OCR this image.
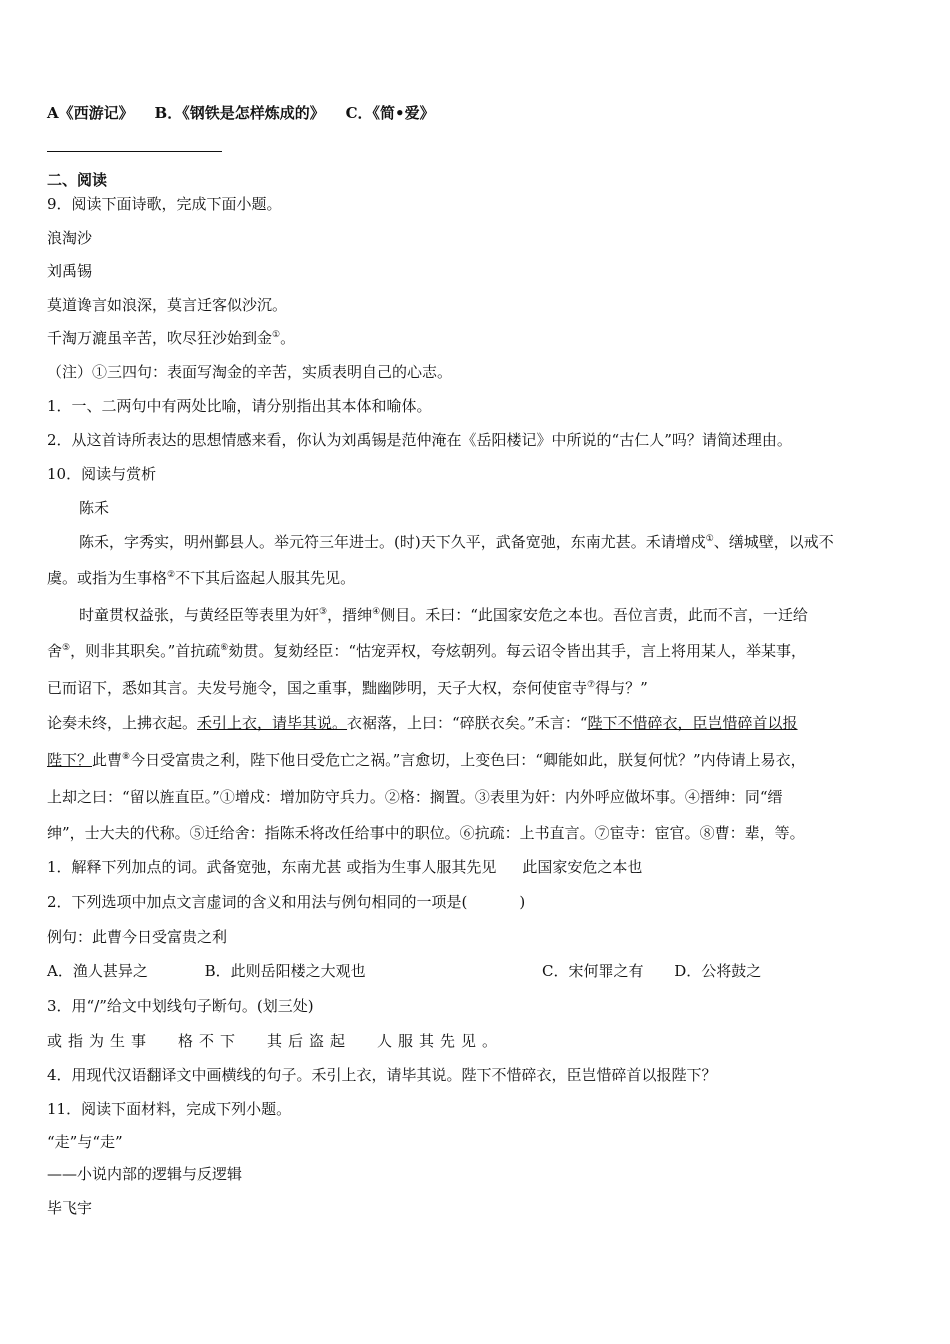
A《西游记》 B．《钢铁是怎样炼成的》 C．《简•爱》
二、阅读
9．阅读下面诗歌，完成下面小题。
浪淘沙
刘禹锡
莫道谗言如浪深，莫言迁客似沙沉。
千淘万漉虽辛苦，吹尽狂沙始到金①。
（注）①三四句：表面写淘金的辛苦，实质表明自己的心志。
1．一、二两句中有两处比喻，请分别指出其本体和喻体。
2．从这首诗所表达的思想情感来看，你认为刘禹锡是范仲淹在《岳阳楼记》中所说的“古仁人”吗？请简述理由。
10．阅读与赏析
陈禾
陈禾，字秀实，明州鄞县人。举元符三年进士。(时)天下久平，武备宽弛，东南尤甚。禾请增戍①、缮城壁，以戒不
虞。或指为生事格②不下其后盗起人服其先见。
时童贯权益张，与黄经臣等表里为奸③，搢绅④侧目。禾曰：“此国家安危之本也。吾位言责，此而不言，一迁给
舍⑤，则非其职矣。”首抗疏⑥劾贯。复劾经臣：“怙宠弄权，夸炫朝列。每云诏令皆出其手，言上将用某人，举某事，
已而诏下，悉如其言。夫发号施令，国之重事，黜幽陟明，天子大权，奈何使宦寺⑦得与？”
论奏未终，上拂衣起。禾引上衣，请毕其说。衣裾落，上曰：“碎朕衣矣。”禾言：“陛下不惜碎衣，臣岂惜碎首以报
陛下？此曹⑧今日受富贵之利，陛下他日受危亡之祸。”言愈切，上变色曰：“卿能如此，朕复何忧？”内侍请上易衣，
上却之曰：“留以旌直臣。”①增戍：增加防守兵力。②格：搁置。③表里为奸：内外呼应做坏事。④搢绅：同“缙
绅”，士大夫的代称。⑤迁给舍：指陈禾将改任给事中的职位。⑥抗疏：上书直言。⑦宦寺：宦官。⑧曹：辈，等。
1．解释下列加点的词。武备宽弛，东南尤甚 或指为生事人服其先见 此国家安危之本也
2．下列选项中加点文言虚词的含义和用法与例句相同的一项是(	)
例句：此曹今日受富贵之利
A．渔人甚异之	B．此则岳阳楼之大观也	C．宋何罪之有 D．公将鼓之
3．用“/”给文中划线句子断句。(划三处)
或指为生事 格不下 其后盗起 人服其先见。
4．用现代汉语翻译文中画横线的句子。禾引上衣，请毕其说。陛下不惜碎衣，臣岂惜碎首以报陛下？
11．阅读下面材料，完成下列小题。
“走”与“走”
——小说内部的逻辑与反逻辑
毕飞宇
